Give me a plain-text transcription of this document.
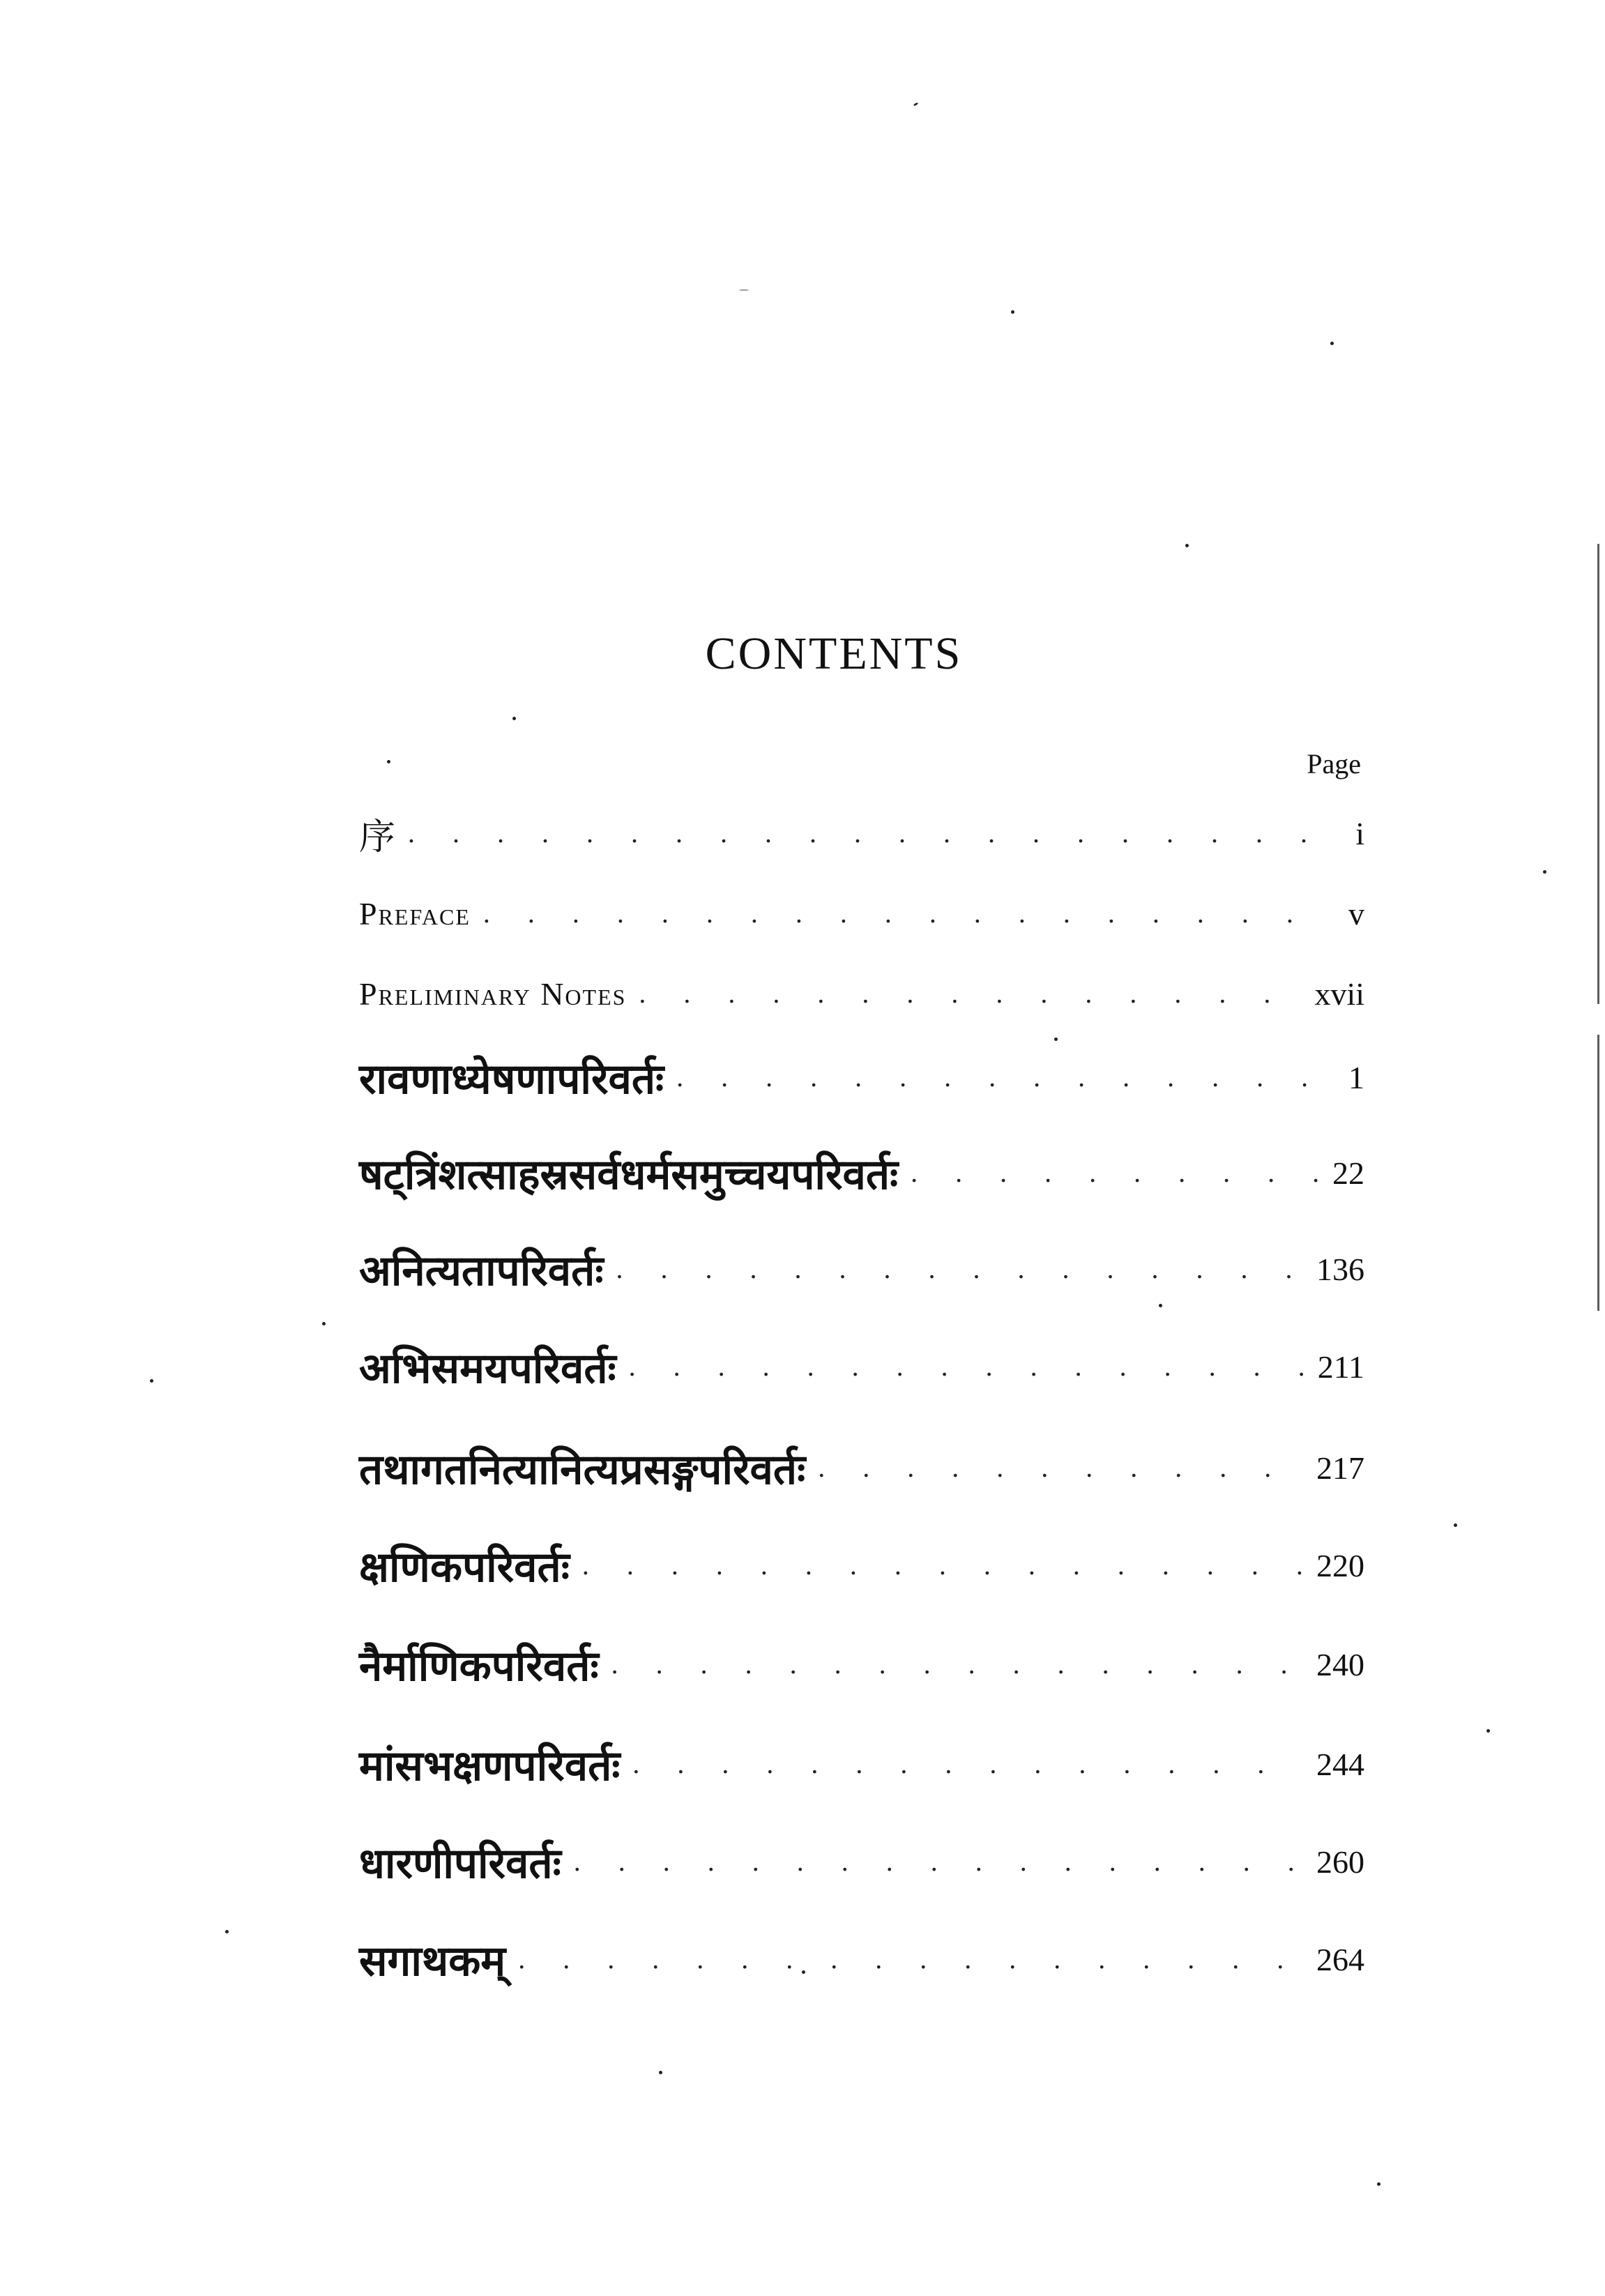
CONTENTS
Page
序 . . .	i
Preface . . .	v
Preliminary Notes . . .	xvii
रावणाध्येषणापरिवर्तः . . .	1
षट्त्रिंशत्साहस्रसर्वधर्मसमुच्चयपरिवर्तः . . .	22
अनित्यतापरिवर्तः . . .	136
अभिसमयपरिवर्तः . . .	211
तथागतनित्यानित्यप्रसङ्गपरिवर्तः . . .	217
क्षणिकपरिवर्तः . . .	220
नैर्माणिकपरिवर्तः . . .	240
मांसभक्षणपरिवर्तः . . .	244
धारणीपरिवर्तः . . .	260
सगाथकम् . . .	264
